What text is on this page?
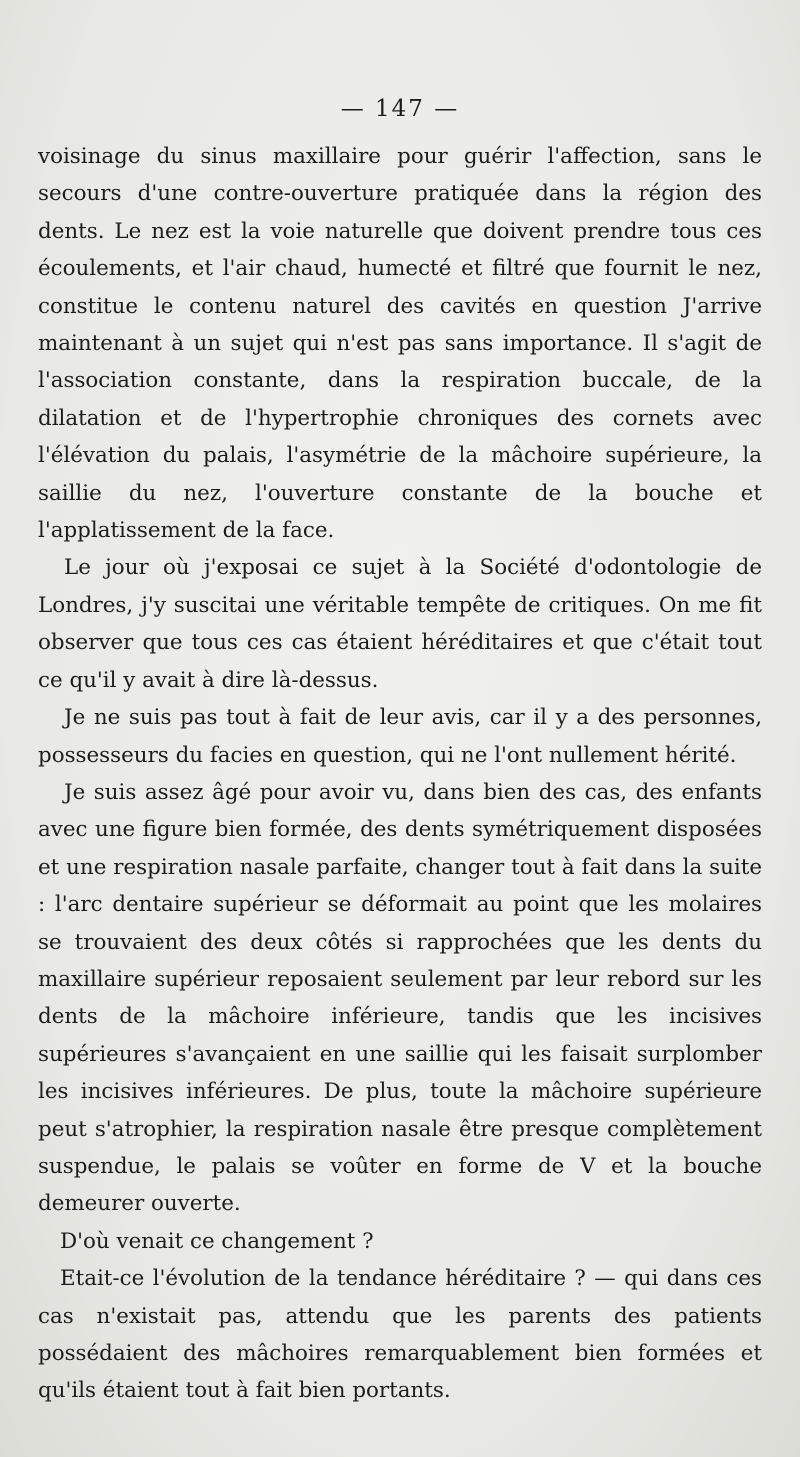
— 147 —

voisinage du sinus maxillaire pour guérir l'affection, sans le secours d'une contre-ouverture pratiquée dans la région des dents. Le nez est la voie naturelle que doivent prendre tous ces écoulements, et l'air chaud, humecté et filtré que fournit le nez, constitue le contenu naturel des cavités en question J'arrive maintenant à un sujet qui n'est pas sans importance. Il s'agit de l'association constante, dans la respiration buccale, de la dilatation et de l'hypertrophie chroniques des cornets avec l'élévation du palais, l'asymétrie de la mâchoire supérieure, la saillie du nez, l'ouverture constante de la bouche et l'applatissement de la face.

Le jour où j'exposai ce sujet à la Société d'odontologie de Londres, j'y suscitai une véritable tempête de critiques. On me fit observer que tous ces cas étaient héréditaires et que c'était tout ce qu'il y avait à dire là-dessus.

Je ne suis pas tout à fait de leur avis, car il y a des personnes, possesseurs du facies en question, qui ne l'ont nullement hérité.

Je suis assez âgé pour avoir vu, dans bien des cas, des enfants avec une figure bien formée, des dents symétriquement disposées et une respiration nasale parfaite, changer tout à fait dans la suite : l'arc dentaire supérieur se déformait au point que les molaires se trouvaient des deux côtés si rapprochées que les dents du maxillaire supérieur reposaient seulement par leur rebord sur les dents de la mâchoire inférieure, tandis que les incisives supérieures s'avançaient en une saillie qui les faisait surplomber les incisives inférieures. De plus, toute la mâchoire supérieure peut s'atrophier, la respiration nasale être presque complètement suspendue, le palais se voûter en forme de V et la bouche demeurer ouverte.

D'où venait ce changement ?

Etait-ce l'évolution de la tendance héréditaire ? — qui dans ces cas n'existait pas, attendu que les parents des patients possédaient des mâchoires remarquablement bien formées et qu'ils étaient tout à fait bien portants.
